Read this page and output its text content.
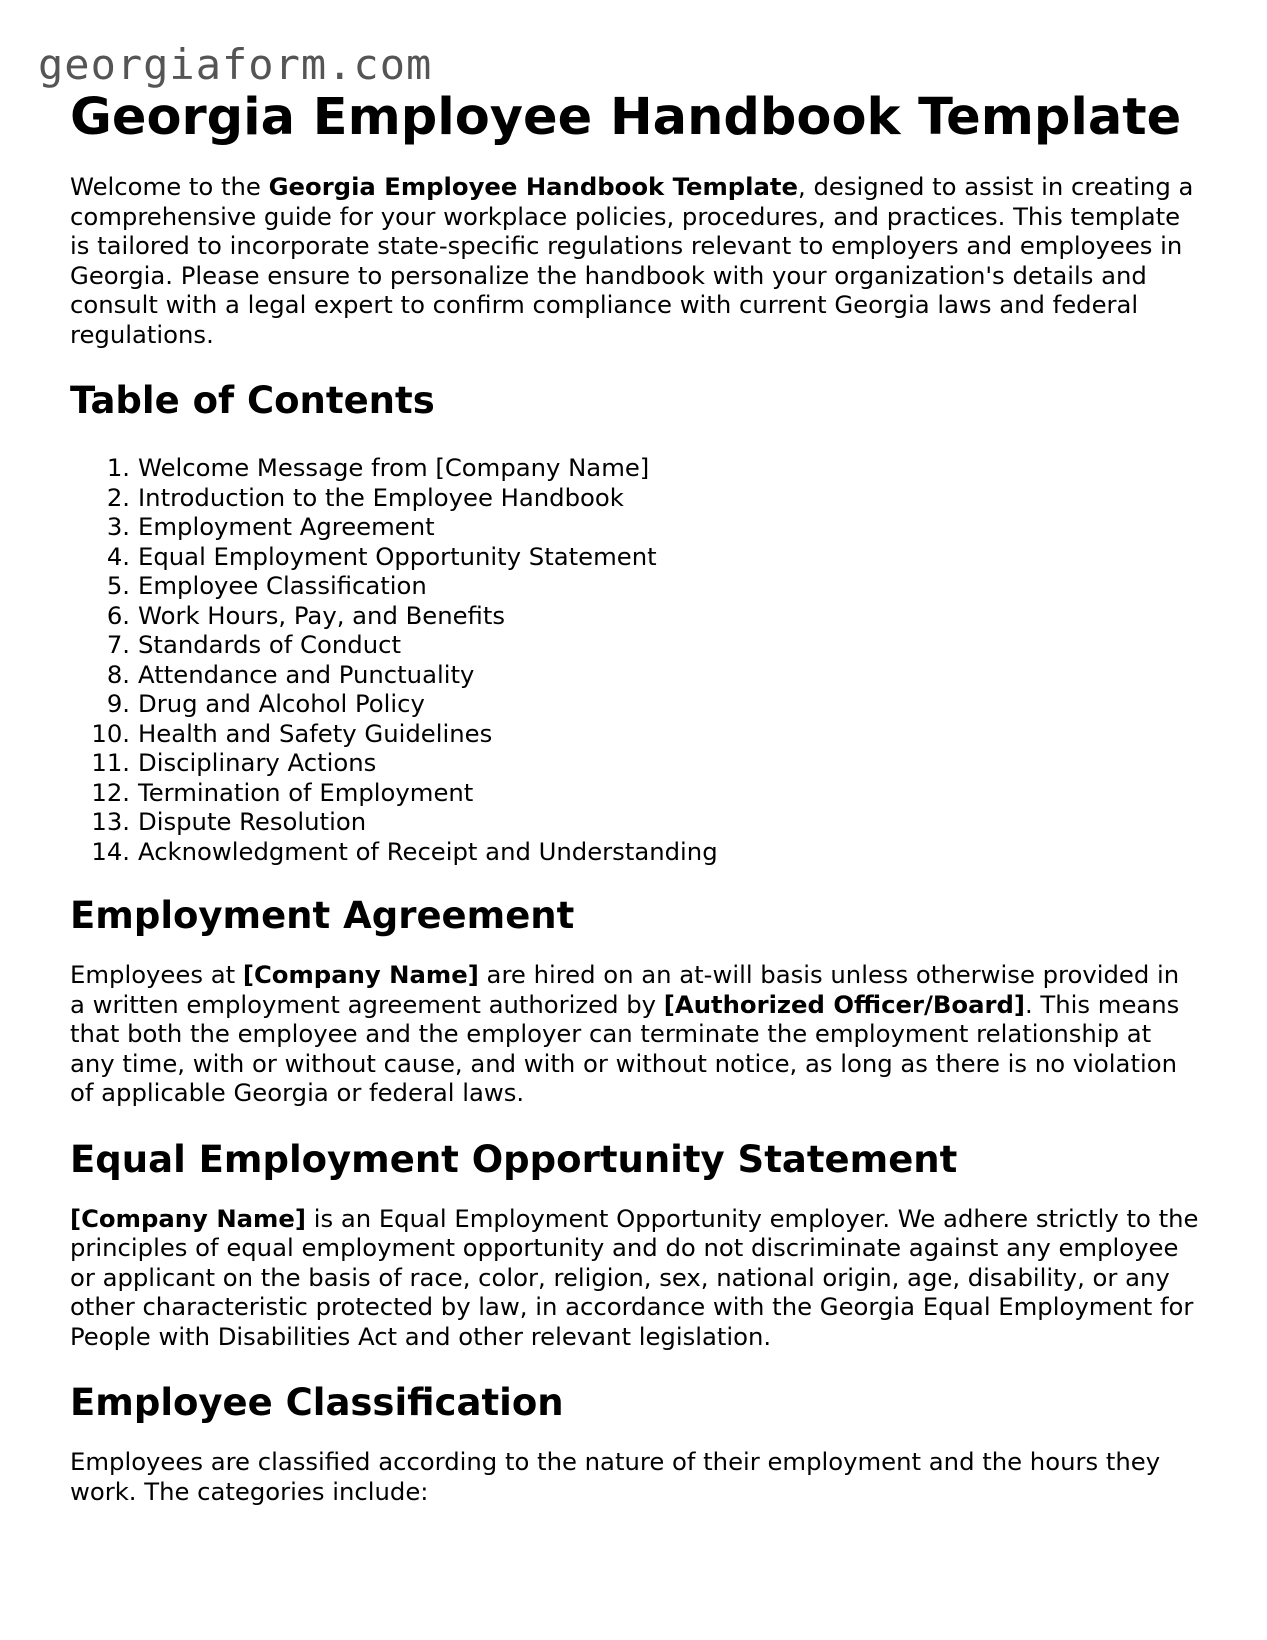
georgiaform.com
Georgia Employee Handbook Template

Welcome to the Georgia Employee Handbook Template, designed to assist in creating a comprehensive guide for your workplace policies, procedures, and practices. This template is tailored to incorporate state-specific regulations relevant to employers and employees in Georgia. Please ensure to personalize the handbook with your organization's details and consult with a legal expert to confirm compliance with current Georgia laws and federal regulations.

Table of Contents
1. Welcome Message from [Company Name]
2. Introduction to the Employee Handbook
3. Employment Agreement
4. Equal Employment Opportunity Statement
5. Employee Classification
6. Work Hours, Pay, and Benefits
7. Standards of Conduct
8. Attendance and Punctuality
9. Drug and Alcohol Policy
10. Health and Safety Guidelines
11. Disciplinary Actions
12. Termination of Employment
13. Dispute Resolution
14. Acknowledgment of Receipt and Understanding
Employment Agreement

Employees at [Company Name] are hired on an at-will basis unless otherwise provided in a written employment agreement authorized by [Authorized Officer/Board]. This means that both the employee and the employer can terminate the employment relationship at any time, with or without cause, and with or without notice, as long as there is no violation of applicable Georgia or federal laws.

Equal Employment Opportunity Statement

[Company Name] is an Equal Employment Opportunity employer. We adhere strictly to the principles of equal employment opportunity and do not discriminate against any employee or applicant on the basis of race, color, religion, sex, national origin, age, disability, or any other characteristic protected by law, in accordance with the Georgia Equal Employment for People with Disabilities Act and other relevant legislation.

Employee Classification

Employees are classified according to the nature of their employment and the hours they work. The categories include:
